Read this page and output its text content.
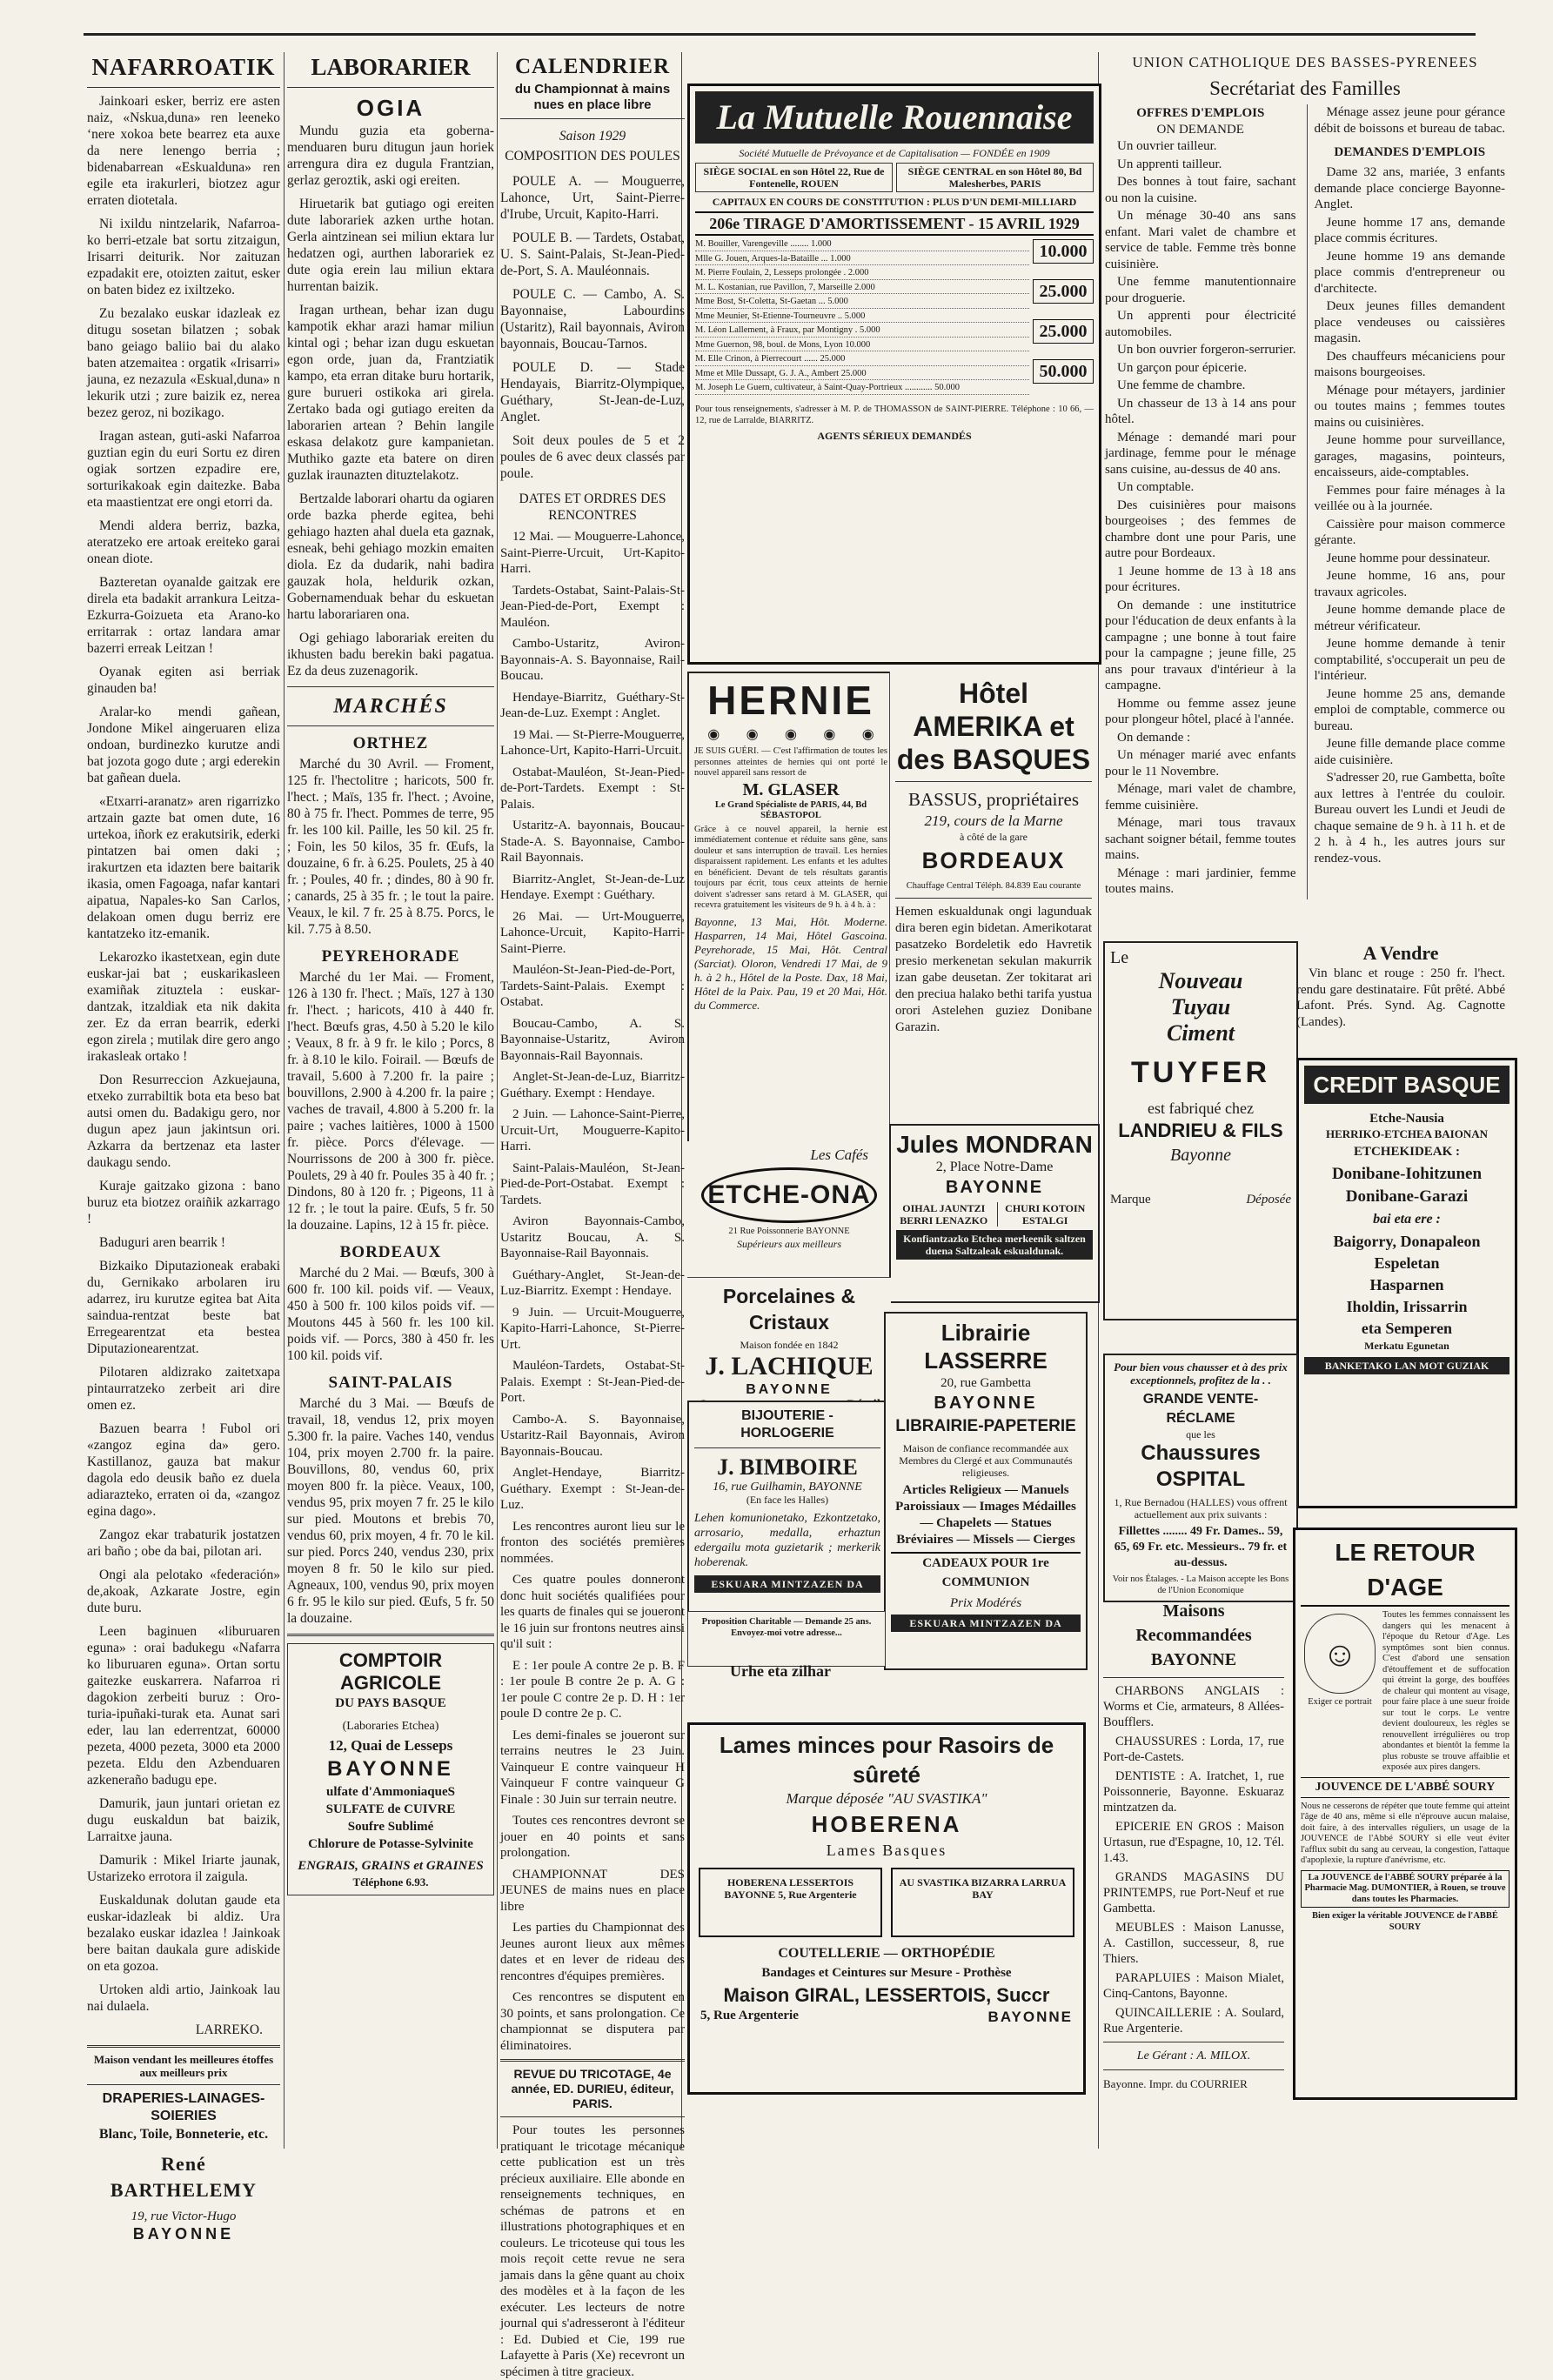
NAFARROATIK

Jainkoari esker, berriz ere asten naiz, «Nskua,duna» ren leeneko ‘nere xokoa bete bearrez eta auxe da nere lenengo berria ; bidenabarrean «Eskualduna» ren egile eta irakurleri, biotzez agur erraten diotetala.

Ni ixildu nintzelarik, Nafarroa-ko berri-etzale bat sortu zitzaigun, Irisarri deiturik. Nor zaituzan ezpadakit ere, otoizten zaitut, esker on baten bidez ez ixiltzeko.

Zu bezalako euskar idazleak ez ditugu sosetan bilatzen ; sobak bano geiago baliio bai du alako baten atzemaitea : orgatik «Irisarri» jauna, ez nezazula «Eskual,duna» n lekurik utzi ; zure baizik ez, nerea bezez geroz, ni bozikago.

Iragan astean, guti-aski Nafarroa guztian egin du euri Sortu ez diren ogiak sortzen ezpadire ere, sorturikakoak egin daitezke. Baba eta maastientzat ere ongi etorri da.

Mendi aldera berriz, bazka, ateratzeko ere artoak ereiteko garai onean diote.

Bazteretan oyanalde gaitzak ere direla eta badakit arrankura Leitza-Ezkurra-Goizueta eta Arano-ko erritarrak : ortaz landara amar bazerri erreak Leitzan !

Oyanak egiten asi berriak ginauden ba!

Aralar-ko mendi gañean, Jondone Mikel aingeruaren eliza ondoan, burdinezko kurutze andi bat jozota gogo dute ; argi ederekin bat gañean duela.

«Etxarri-aranatz» aren rigarrizko artzain gazte bat omen dute, 16 urtekoa, iñork ez erakutsirik, ederki pintatzen bai omen daki ; irakurtzen eta idazten bere baitarik ikasia, omen Fagoaga, nafar kantari aipatua, Napales-ko San Carlos, delakoan omen dugu berriz ere kantatzeko itz-emanik.

Lekarozko ikastetxean, egin dute euskar-jai bat ; euskarikasleen examiñak zituztela : euskar-dantzak, itzaldiak eta nik dakita zer. Ez da erran bearrik, ederki egon zirela ; mutilak dire gero ango irakasleak ortako !

Don Resurreccion Azkuejauna, etxeko zurrabiltik bota eta beso bat autsi omen du. Badakigu gero, nor dugun apez jaun jakintsun ori. Azkarra da bertzenaz eta laster daukagu sendo.

Kuraje gaitzako gizona : bano buruz eta biotzez oraiñik azkarrago !

Baduguri aren bearrik !

Bizkaiko Diputazioneak erabaki du, Gernikako arbolaren iru adarrez, iru kurutze egitea bat Aita saindua-rentzat beste bat Erregearentzat eta bestea Diputazionearentzat.

Pilotaren aldizrako zaitetxapa pintaurratzeko zerbeit ari dire omen ez.

Bazuen bearra ! Fubol ori «zangoz egina da» gero. Kastillanoz, gauza bat makur dagola edo deusik baño ez duela adiarazteko, erraten oi da, «zangoz egina dago».

Zangoz ekar trabaturik jostatzen ari baño ; obe da bai, pilotan ari.

Ongi ala pelotako «federación» de,akoak, Azkarate Jostre, egin dute buru.

Leen baginuen «liburuaren eguna» : orai badukegu «Nafarra ko liburuaren eguna». Ortan sortu gaitezke euskarrera. Nafarroa ri dagokion zerbeiti buruz : Oro-turia-ipuñaki-turak eta. Aunat sari eder, lau lan ederrentzat, 60000 pezeta, 4000 pezeta, 3000 eta 2000 pezeta. Eldu den Azbenduaren azkeneraño badugu epe.

Damurik, jaun juntari orietan ez dugu euskaldun bat baizik, Larraitxe jauna.

Damurik : Mikel Iriarte jaunak, Ustarizeko errotora il zaigula.

Euskaldunak dolutan gaude eta euskar-idazleak bi aldiz. Ura bezalako euskar idazlea ! Jainkoak bere baitan daukala gure adiskide on eta gozoa.

Urtoken aldi artio, Jainkoak lau nai dulaela.

LARREKO.

Maison vendant les meilleures étoffes aux meilleurs prix
DRAPERIES-LAINAGES-SOIERIES
Blanc, Toile, Bonneterie, etc.
René BARTHELEMY
19, rue Victor-Hugo
BAYONNE
LABORARIER
OGIA

Mundu guzia eta goberna-menduaren buru ditugun jaun horiek arrengura dira ez dugula Frantzian, gerlaz geroztik, aski ogi ereiten.

Hiruetarik bat gutiago ogi ereiten dute laborariek azken urthe hotan. Gerla aintzinean sei miliun ektara lur hedatzen ogi, aurthen laborariek ez dute ogia erein lau miliun ektara hurrentan baizik.

Iragan urthean, behar izan dugu kampotik ekhar arazi hamar miliun kintal ogi ; behar izan dugu eskuetan egon orde, juan da, Frantziatik kampo, eta erran ditake buru hortarik, gure burueri ostikoka ari girela. Zertako bada ogi gutiago ereiten da laborarien artean ? Behin langile eskasa delakotz gure kampanietan. Muthiko gazte eta batere on diren guzlak iraunazten dituztelakotz.

Bertzalde laborari ohartu da ogiaren orde bazka pherde egitea, behi gehiago hazten ahal duela eta gaznak, esneak, behi gehiago mozkin emaiten diola. Ez da dudarik, nahi badira gauzak hola, heldurik ozkan, Gobernamenduak behar du eskuetan hartu laborariaren ona.

Ogi gehiago laborariak ereiten du ikhusten badu berekin baki pagatua. Ez da deus zuzenagorik.

MARCHÉS
ORTHEZ

Marché du 30 Avril. — Froment, 125 fr. l'hectolitre ; haricots, 500 fr. l'hect. ; Maïs, 135 fr. l'hect. ; Avoine, 80 à 75 fr. l'hect. Pommes de terre, 95 fr. les 100 kil. Paille, les 50 kil. 25 fr. ; Foin, les 50 kilos, 35 fr. Œufs, la douzaine, 6 fr. à 6.25. Poulets, 25 à 40 fr. ; Poules, 40 fr. ; dindes, 80 à 90 fr. ; canards, 25 à 35 fr. ; le tout la paire. Veaux, le kil. 7 fr. 25 à 8.75. Porcs, le kil. 7.75 à 8.50.

PEYREHORADE

Marché du 1er Mai. — Froment, 126 à 130 fr. l'hect. ; Maïs, 127 à 130 fr. l'hect. ; haricots, 410 à 440 fr. l'hect. Bœufs gras, 4.50 à 5.20 le kilo ; Veaux, 8 fr. à 9 fr. le kilo ; Porcs, 8 fr. à 8.10 le kilo. Foirail. — Bœufs de travail, 5.600 à 7.200 fr. la paire ; bouvillons, 2.900 à 4.200 fr. la paire ; vaches de travail, 4.800 à 5.200 fr. la paire ; vaches laitières, 1000 à 1500 fr. pièce. Porcs d'élevage. — Nourrissons de 200 à 300 fr. pièce. Poulets, 29 à 40 fr. Poules 35 à 40 fr. ; Dindons, 80 à 120 fr. ; Pigeons, 11 à 12 fr. ; le tout la paire. Œufs, 5 fr. 50 la douzaine. Lapins, 12 à 15 fr. pièce.

BORDEAUX

Marché du 2 Mai. — Bœufs, 300 à 600 fr. 100 kil. poids vif. — Veaux, 450 à 500 fr. 100 kilos poids vif. — Moutons 445 à 560 fr. les 100 kil. poids vif. — Porcs, 380 à 450 fr. les 100 kil. poids vif.

SAINT-PALAIS

Marché du 3 Mai. — Bœufs de travail, 18, vendus 12, prix moyen 5.300 fr. la paire. Vaches 140, vendus 104, prix moyen 2.700 fr. la paire. Bouvillons, 80, vendus 60, prix moyen 800 fr. la pièce. Veaux, 100, vendus 95, prix moyen 7 fr. 25 le kilo sur pied. Moutons et brebis 70, vendus 60, prix moyen, 4 fr. 70 le kil. sur pied. Porcs 240, vendus 230, prix moyen 8 fr. 50 le kilo sur pied. Agneaux, 100, vendus 90, prix moyen 6 fr. 95 le kilo sur pied. Œufs, 5 fr. 50 la douzaine.

COMPTOIR AGRICOLE
DU PAYS BASQUE
(Laboraries Etchea)
12, Quai de Lesseps
BAYONNE

ulfate d'AmmoniaqueS

SULFATE de CUIVRE

Soufre Sublimé

Chlorure de Potasse-Sylvinite

ENGRAIS, GRAINS et GRAINES
Téléphone 6.93.
CALENDRIER
du Championnat à mains nues en place libre
Saison 1929
COMPOSITION DES POULES

POULE A. — Mouguerre, Lahonce, Urt, Saint-Pierre-d'Irube, Urcuit, Kapito-Harri.

POULE B. — Tardets, Ostabat, U. S. Saint-Palais, St-Jean-Pied-de-Port, S. A. Mauléonnais.

POULE C. — Cambo, A. S. Bayonnaise, Labourdins (Ustaritz), Rail bayonnais, Aviron bayonnais, Boucau-Tarnos.

POULE D. — Stade Hendayais, Biarritz-Olympique, Guéthary, St-Jean-de-Luz, Anglet.

Soit deux poules de 5 et 2 poules de 6 avec deux classés par poule.

DATES ET ORDRES DES RENCONTRES

12 Mai. — Mouguerre-Lahonce, Saint-Pierre-Urcuit, Urt-Kapito-Harri.

Tardets-Ostabat, Saint-Palais-St-Jean-Pied-de-Port, Exempt : Mauléon.

Cambo-Ustaritz, Aviron-Bayonnais-A. S. Bayonnaise, Rail-Boucau.

Hendaye-Biarritz, Guéthary-St-Jean-de-Luz. Exempt : Anglet.

19 Mai. — St-Pierre-Mouguerre, Lahonce-Urt, Kapito-Harri-Urcuit.

Ostabat-Mauléon, St-Jean-Pied-de-Port-Tardets. Exempt : St-Palais.

Ustaritz-A. bayonnais, Boucau-Stade-A. S. Bayonnaise, Cambo-Rail Bayonnais.

Biarritz-Anglet, St-Jean-de-Luz Hendaye. Exempt : Guéthary.

26 Mai. — Urt-Mouguerre, Lahonce-Urcuit, Kapito-Harri-Saint-Pierre.

Mauléon-St-Jean-Pied-de-Port, Tardets-Saint-Palais. Exempt : Ostabat.

Boucau-Cambo, A. S. Bayonnaise-Ustaritz, Aviron Bayonnais-Rail Bayonnais.

Anglet-St-Jean-de-Luz, Biarritz-Guéthary. Exempt : Hendaye.

2 Juin. — Lahonce-Saint-Pierre, Urcuit-Urt, Mouguerre-Kapito-Harri.

Saint-Palais-Mauléon, St-Jean-Pied-de-Port-Ostabat. Exempt : Tardets.

Aviron Bayonnais-Cambo, Ustaritz Boucau, A. S. Bayonnaise-Rail Bayonnais.

Guéthary-Anglet, St-Jean-de-Luz-Biarritz. Exempt : Hendaye.

9 Juin. — Urcuit-Mouguerre, Kapito-Harri-Lahonce, St-Pierre-Urt.

Mauléon-Tardets, Ostabat-St-Palais. Exempt : St-Jean-Pied-de-Port.

Cambo-A. S. Bayonnaise, Ustaritz-Rail Bayonnais, Aviron Bayonnais-Boucau.

Anglet-Hendaye, Biarritz-Guéthary. Exempt : St-Jean-de-Luz.

Les rencontres auront lieu sur le fronton des sociétés premières nommées.

Ces quatre poules donneront donc huit sociétés qualifiées pour les quarts de finales qui se joueront le 16 juin sur frontons neutres ainsi qu'il suit :

E : 1er poule A contre 2e p. B. F : 1er poule B contre 2e p. A. G : 1er poule C contre 2e p. D. H : 1er poule D contre 2e p. C.

Les demi-finales se joueront sur terrains neutres le 23 Juin. Vainqueur E contre vainqueur H Vainqueur F contre vainqueur G Finale : 30 Juin sur terrain neutre.

Toutes ces rencontres devront se jouer en 40 points et sans prolongation.

CHAMPIONNAT DES JEUNES de mains nues en place libre

Les parties du Championnat des Jeunes auront lieux aux mêmes dates et en lever de rideau des rencontres d'équipes premières.

Ces rencontres se disputent en 30 points, et sans prolongation. Ce championnat se disputera par éliminatoires.

REVUE DU TRICOTAGE, 4e année, ED. DURIEU, éditeur, PARIS.

Pour toutes les personnes pratiquant le tricotage mécanique cette publication est un très précieux auxiliaire. Elle abonde en renseignements techniques, en schémas de patrons et en illustrations photographiques et en couleurs. Le tricoteuse qui tous les mois reçoit cette revue ne sera jamais dans la gêne quant au choix des modèles et à la façon de les exécuter. Les lecteurs de notre journal qui s'adresseront à l'éditeur : Ed. Dubied et Cie, 199 rue Lafayette à Paris (Xe) recevront un spécimen à titre gracieux.

La Mutuelle Rouennaise
Société Mutuelle de Prévoyance et de Capitalisation — FONDÉE en 1909
SIÈGE SOCIAL en son Hôtel 22, Rue de Fontenelle, ROUEN
SIÈGE CENTRAL en son Hôtel 80, Bd Malesherbes, PARIS
CAPITAUX EN COURS DE CONSTITUTION : PLUS D'UN DEMI-MILLIARD
206e TIRAGE D'AMORTISSEMENT - 15 AVRIL 1929

M. Bouiller, Varengeville ........ 1.000

Mlle G. Jouen, Arques-la-Bataille ... 1.000

M. Pierre Foulain, 2, Lesseps prolongée . 2.000

M. L. Kostanian, rue Pavillon, 7, Marseille 2.000

Mme Bost, St-Coletta, St-Gaetan ... 5.000

Mme Meunier, St-Etienne-Tourneuvre .. 5.000

M. Léon Lallement, à Fraux, par Montigny . 5.000

Mme Guernon, 98, boul. de Mons, Lyon 10.000

M. Elle Crinon, à Pierrecourt ...... 25.000

Mme et Mlle Dussapt, G. J. A., Ambert 25.000

M. Joseph Le Guern, cultivateur, à Saint-Quay-Portrieux ............ 50.000

10.000

25.000

25.000

50.000

Pour tous renseignements, s'adresser à M. P. de THOMASSON de SAINT-PIERRE. Téléphone : 10 66, — 12, rue de Larralde, BIARRITZ.
AGENTS SÉRIEUX DEMANDÉS
HERNIE
◉ ◉ ◉ ◉ ◉
JE SUIS GUÉRI. — C'est l'affirmation de toutes les personnes atteintes de hernies qui ont porté le nouvel appareil sans ressort de
M. GLASER
Le Grand Spécialiste de PARIS, 44, Bd SÉBASTOPOL
Grâce à ce nouvel appareil, la hernie est immédiatement contenue et réduite sans gêne, sans douleur et sans interruption de travail. Les hernies disparaissent rapidement. Les enfants et les adultes en bénéficient. Devant de tels résultats garantis toujours par écrit, tous ceux atteints de hernie doivent s'adresser sans retard à M. GLASER, qui recevra gratuitement les visiteurs de 9 h. à 4 h. à :
Bayonne, 13 Mai, Hôt. Moderne. Hasparren, 14 Mai, Hôtel Gascoina. Peyrehorade, 15 Mai, Hôt. Central (Sarciat). Oloron, Vendredi 17 Mai, de 9 h. à 2 h., Hôtel de la Poste. Dax, 18 Mai, Hôtel de la Paix. Pau, 19 et 20 Mai, Hôt. du Commerce.
Hôtel AMERIKA et des BASQUES
BASSUS, propriétaires
219, cours de la Marne
à côté de la gare
BORDEAUX
Chauffage Central Téléph. 84.839 Eau courante
Hemen eskualdunak ongi lagunduak dira beren egin bidetan. Amerikotarat pasatzeko Bordeletik edo Havretik presio merkenetan sekulan makurrik izan gabe deusetan. Zer tokitarat ari den preciua halako bethi tarifa yustua orori Astelehen guziez Donibane Garazin.
Les Cafés
ETCHE-ONA
21 Rue Poissonnerie BAYONNE
Supérieurs aux meilleurs
Jules MONDRAN
2, Place Notre-Dame
BAYONNE
OIHAL JAUNTZI BERRI LENAZKO
CHURI KOTOIN ESTALGI
Konfiantzazko Etchea merkeenik saltzen duena Saltzaleak eskualdunak.
Porcelaines & Cristaux
Maison fondée en 1842
J. LACHIQUE
BAYONNE
BIJOUTERIE - HORLOGERIE
J. BIMBOIRE
16, rue Guilhamin, BAYONNE
(En face les Halles)
Lehen komunionetako, Ezkontzetako, arrosario, medalla, erhaztun edergailu mota guzietarik ; merkerik hoberenak.
ESKUARA MINTZAZEN DA
Librairie LASSERRE
20, rue Gambetta
BAYONNE
LIBRAIRIE-PAPETERIE
Maison de confiance recommandée aux Membres du Clergé et aux Communautés religieuses.
Articles Religieux — Manuels Paroissiaux — Images Médailles — Chapelets — Statues Bréviaires — Missels — Cierges
CADEAUX POUR 1re COMMUNION
Prix Modérés
ESKUARA MINTZAZEN DA
Proposition Charitable — Demande 25 ans. Envoyez-moi votre adresse...
Urhe eta zilhar
Lames minces pour Rasoirs de sûreté
Marque déposée "AU SVASTIKA"
HOBERENA
Lames Basques
HOBERENA LESSERTOIS BAYONNE 5, Rue Argenterie
AU SVASTIKA BIZARRA LARRUA BAY
COUTELLERIE — ORTHOPÉDIE
Bandages et Ceintures sur Mesure - Prothèse
Maison GIRAL, LESSERTOIS, Succr
5, Rue Argenterie	BAYONNE
UNION CATHOLIQUE DES BASSES-PYRENEES
Secrétariat des Familles
OFFRES D'EMPLOIS
ON DEMANDE

Un ouvrier tailleur.

Un apprenti tailleur.

Des bonnes à tout faire, sachant ou non la cuisine.

Un ménage 30-40 ans sans enfant. Mari valet de chambre et service de table. Femme très bonne cuisinière.

Une femme manutentionnaire pour droguerie.

Un apprenti pour électricité automobiles.

Un bon ouvrier forgeron-serrurier.

Un garçon pour épicerie.

Une femme de chambre.

Un chasseur de 13 à 14 ans pour hôtel.

Ménage : demandé mari pour jardinage, femme pour le ménage sans cuisine, au-dessus de 40 ans.

Un comptable.

Des cuisinières pour maisons bourgeoises ; des femmes de chambre dont une pour Paris, une autre pour Bordeaux.

1 Jeune homme de 13 à 18 ans pour écritures.

On demande : une institutrice pour l'éducation de deux enfants à la campagne ; une bonne à tout faire pour la campagne ; jeune fille, 25 ans pour travaux d'intérieur à la campagne.

Homme ou femme assez jeune pour plongeur hôtel, placé à l'année.

On demande :

Un ménager marié avec enfants pour le 11 Novembre.

Ménage, mari valet de chambre, femme cuisinière.

Ménage, mari tous travaux sachant soigner bétail, femme toutes mains.

Ménage : mari jardinier, femme toutes mains.

Ménage assez jeune pour gérance débit de boissons et bureau de tabac.

DEMANDES D'EMPLOIS

Dame 32 ans, mariée, 3 enfants demande place concierge Bayonne-Anglet.

Jeune homme 17 ans, demande place commis écritures.

Jeune homme 19 ans demande place commis d'entrepreneur ou d'architecte.

Deux jeunes filles demandent place vendeuses ou caissières magasin.

Des chauffeurs mécaniciens pour maisons bourgeoises.

Ménage pour métayers, jardinier ou toutes mains ; femmes toutes mains ou cuisinières.

Jeune homme pour surveillance, garages, magasins, pointeurs, encaisseurs, aide-comptables.

Femmes pour faire ménages à la veillée ou à la journée.

Caissière pour maison commerce gérante.

Jeune homme pour dessinateur.

Jeune homme, 16 ans, pour travaux agricoles.

Jeune homme demande place de métreur vérificateur.

Jeune homme demande à tenir comptabilité, s'occuperait un peu de l'intérieur.

Jeune homme 25 ans, demande emploi de comptable, commerce ou bureau.

Jeune fille demande place comme aide cuisinière.

S'adresser 20, rue Gambetta, boîte aux lettres à l'entrée du couloir. Bureau ouvert les Lundi et Jeudi de chaque semaine de 9 h. à 11 h. et de 2 h. à 4 h., les autres jours sur rendez-vous.

Le
Nouveau
Tuyau
Ciment
TUYFER
est fabriqué chez
LANDRIEU & FILS
Bayonne
Marque	Déposée
A Vendre

Vin blanc et rouge : 250 fr. l'hect. rendu gare destinataire. Fût prêté. Abbé Lafont. Prés. Synd. Ag. Cagnotte (Landes).

CREDIT BASQUE
Etche-Nausia
HERRIKO-ETCHEA BAIONAN
ETCHEKIDEAK :

Donibane-Iohitzunen

Donibane-Garazi

bai eta ere :

Baigorry, Donapaleon

Espeletan

Hasparnen

Iholdin, Irissarrin

eta Semperen

Merkatu Egunetan
BANKETAKO LAN MOT GUZIAK
Pour bien vous chausser et à des prix exceptionnels, profitez de la . .
GRANDE VENTE-RÉCLAME
que les
Chaussures OSPITAL
1, Rue Bernadou (HALLES) vous offrent actuellement aux prix suivants :
Fillettes ........ 49 Fr. Dames.. 59, 65, 69 Fr. etc. Messieurs.. 79 fr. et au-dessus.
Voir nos Étalages. - La Maison accepte les Bons de l'Union Economique
LE RETOUR D'AGE
☺
Exiger ce portrait
Toutes les femmes connaissent les dangers qui les menacent à l'époque du Retour d'Age. Les symptômes sont bien connus. C'est d'abord une sensation d'étouffement et de suffocation qui étreint la gorge, des bouffées de chaleur qui montent au visage, pour faire place à une sueur froide sur tout le corps. Le ventre devient douloureux, les règles se renouvellent irrégulières ou trop abondantes et bientôt la femme la plus robuste se trouve affaiblie et exposée aux pires dangers.
JOUVENCE DE L'ABBÉ SOURY
Nous ne cesserons de répéter que toute femme qui atteint l'âge de 40 ans, même si elle n'éprouve aucun malaise, doit faire, à des intervalles réguliers, un usage de la JOUVENCE de l'Abbé SOURY si elle veut éviter l'afflux subit du sang au cerveau, la congestion, l'attaque d'apoplexie, la rupture d'anévrisme, etc.
La JOUVENCE de l'ABBÉ SOURY préparée à la Pharmacie Mag. DUMONTIER, à Rouen, se trouve dans toutes les Pharmacies.
Bien exiger la véritable JOUVENCE de l'ABBÉ SOURY
Maisons Recommandées BAYONNE

CHARBONS ANGLAIS : Worms et Cie, armateurs, 8 Allées-Boufflers.

CHAUSSURES : Lorda, 17, rue Port-de-Castets.

DENTISTE : A. Iratchet, 1, rue Poissonnerie, Bayonne. Eskuaraz mintzatzen da.

EPICERIE EN GROS : Maison Urtasun, rue d'Espagne, 10, 12. Tél. 1.43.

GRANDS MAGASINS DU PRINTEMPS, rue Port-Neuf et rue Gambetta.

MEUBLES : Maison Lanusse, A. Castillon, successeur, 8, rue Thiers.

PARAPLUIES : Maison Mialet, Cinq-Cantons, Bayonne.

QUINCAILLERIE : A. Soulard, Rue Argenterie.

Le Gérant : A. MILOX.
Bayonne. Impr. du COURRIER
